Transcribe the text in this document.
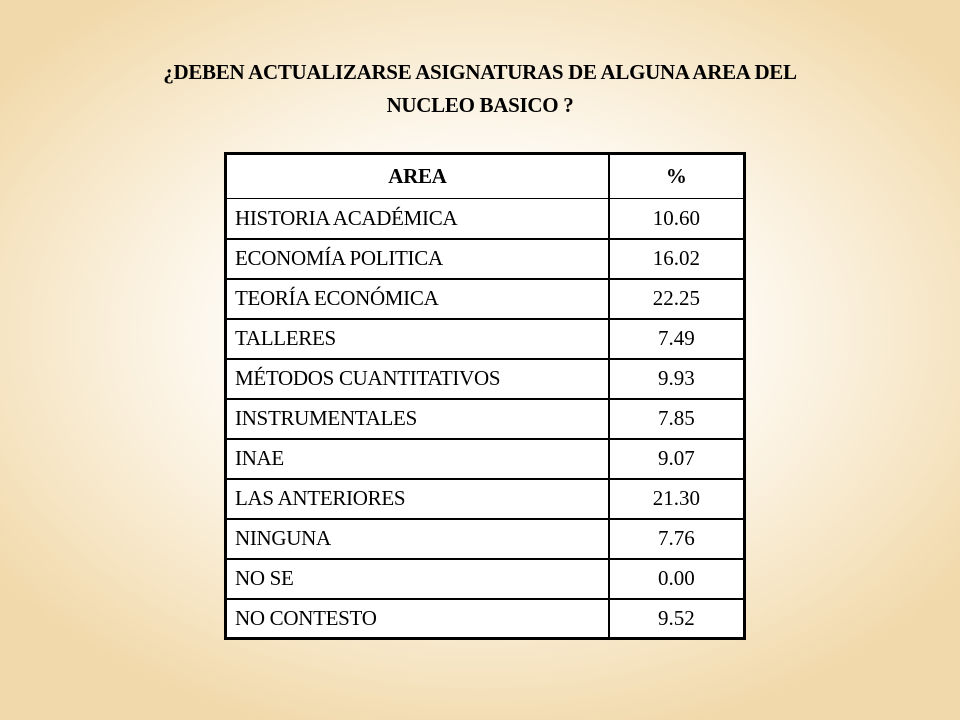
¿DEBEN ACTUALIZARSE ASIGNATURAS DE ALGUNA AREA DEL
NUCLEO BASICO ?
AREA	%
HISTORIA ACADÉMICA	10.60
ECONOMÍA POLITICA	16.02
TEORÍA ECONÓMICA	22.25
TALLERES	7.49
MÉTODOS CUANTITATIVOS	9.93
INSTRUMENTALES	7.85
INAE	9.07
LAS ANTERIORES	21.30
NINGUNA	7.76
NO SE	0.00
NO CONTESTO	9.52
